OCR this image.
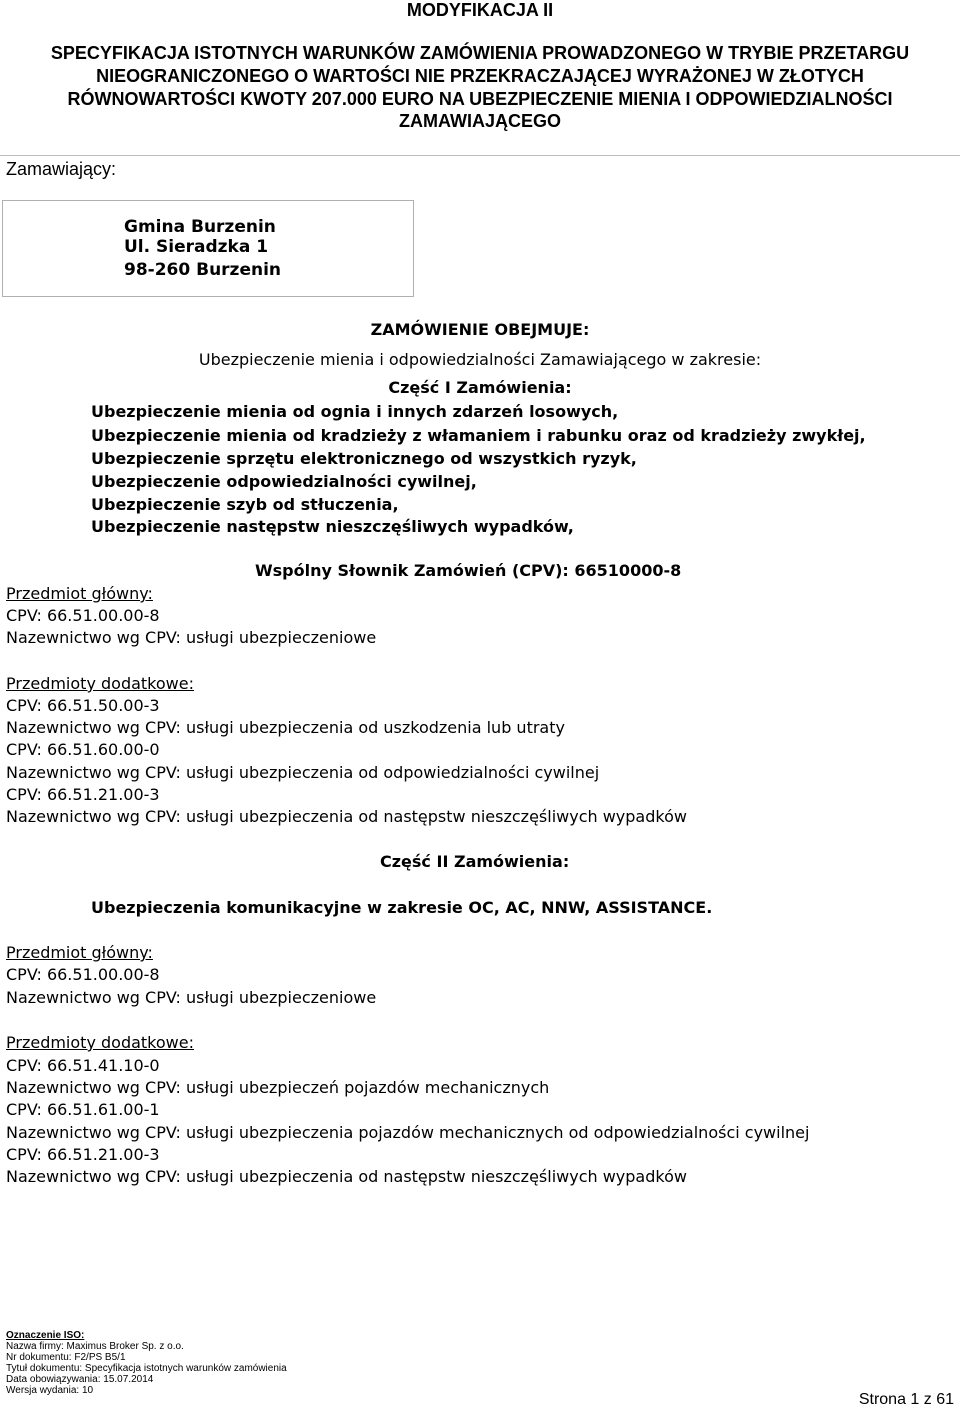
MODYFIKACJA II
SPECYFIKACJA ISTOTNYCH WARUNKÓW ZAMÓWIENIA PROWADZONEGO W TRYBIE PRZETARGU
NIEOGRANICZONEGO O WARTOŚCI NIE PRZEKRACZAJĄCEJ WYRAŻONEJ W ZŁOTYCH
RÓWNOWARTOŚCI KWOTY 207.000 EURO NA UBEZPIECZENIE MIENIA I ODPOWIEDZIALNOŚCI
ZAMAWIAJĄCEGO
Zamawiający:
Gmina Burzenin
Ul. Sieradzka 1
98-260 Burzenin
ZAMÓWIENIE OBEJMUJE:
Ubezpieczenie mienia i odpowiedzialności Zamawiającego w zakresie:
Część I Zamówienia:
Ubezpieczenie mienia od ognia i innych zdarzeń losowych,
Ubezpieczenie mienia od kradzieży z włamaniem i rabunku oraz od kradzieży zwykłej,
Ubezpieczenie sprzętu elektronicznego od wszystkich ryzyk,
Ubezpieczenie odpowiedzialności cywilnej,
Ubezpieczenie szyb od stłuczenia,
Ubezpieczenie następstw nieszczęśliwych wypadków,
Wspólny Słownik Zamówień (CPV): 66510000-8
Przedmiot główny:
CPV: 66.51.00.00-8
Nazewnictwo wg CPV: usługi ubezpieczeniowe
Przedmioty dodatkowe:
CPV: 66.51.50.00-3
Nazewnictwo wg CPV: usługi ubezpieczenia od uszkodzenia lub utraty
CPV: 66.51.60.00-0
Nazewnictwo wg CPV: usługi ubezpieczenia od odpowiedzialności cywilnej
CPV: 66.51.21.00-3
Nazewnictwo wg CPV: usługi ubezpieczenia od następstw nieszczęśliwych wypadków
Część II Zamówienia:
Ubezpieczenia komunikacyjne w zakresie OC, AC, NNW, ASSISTANCE.
Przedmiot główny:
CPV: 66.51.00.00-8
Nazewnictwo wg CPV: usługi ubezpieczeniowe
Przedmioty dodatkowe:
CPV: 66.51.41.10-0
Nazewnictwo wg CPV: usługi ubezpieczeń pojazdów mechanicznych
CPV: 66.51.61.00-1
Nazewnictwo wg CPV: usługi ubezpieczenia pojazdów mechanicznych od odpowiedzialności cywilnej
CPV: 66.51.21.00-3
Nazewnictwo wg CPV: usługi ubezpieczenia od następstw nieszczęśliwych wypadków
Oznaczenie ISO:
Nazwa firmy: Maximus Broker Sp. z o.o.
Nr dokumentu: F2/PS B5/1
Tytuł dokumentu: Specyfikacja istotnych warunków zamówienia
Data obowiązywania: 15.07.2014
Wersja wydania: 10
Strona 1 z 61
